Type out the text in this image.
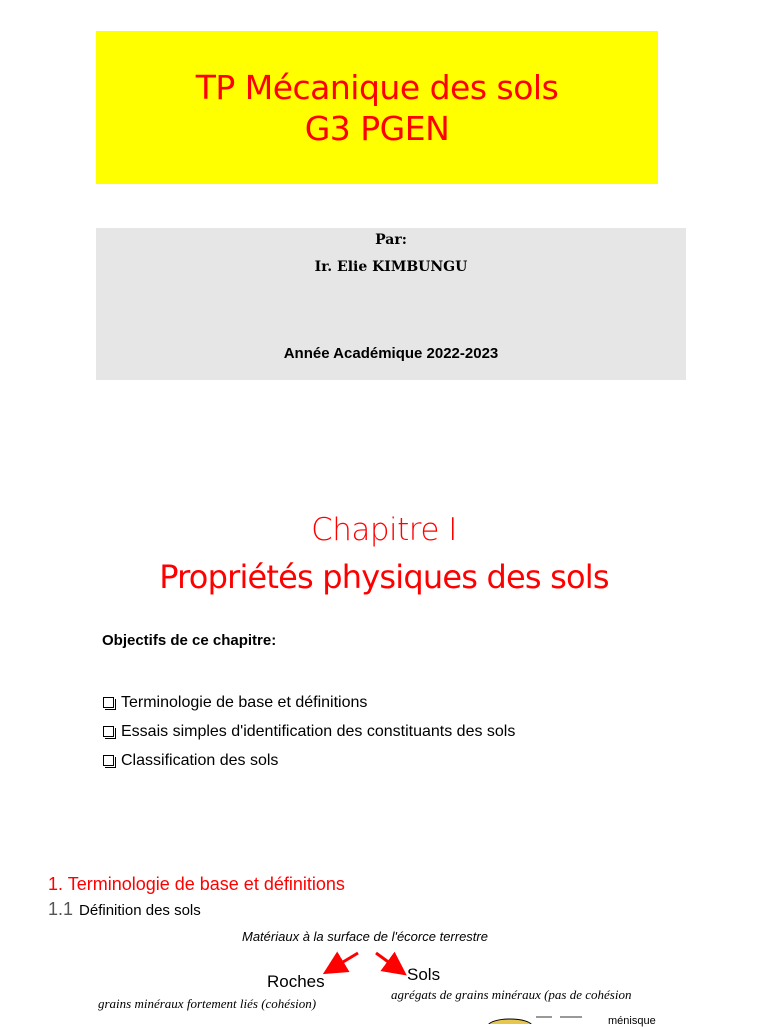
TP Mécanique des sols
G3 PGEN
Par:
Ir. Elie KIMBUNGU
Année Académique 2022-2023
Chapitre I
Propriétés physiques des sols
Objectifs de ce chapitre:
Terminologie de base et définitions
Essais simples d'identification des constituants des sols
Classification des sols
1. Terminologie de base et définitions
1.1 Définition des sols
Matériaux à la surface de l'écorce terrestre
Roches	Sols
grains minéraux fortement liés (cohésion)
agrégats de grains minéraux (pas de cohésion
ménisque
